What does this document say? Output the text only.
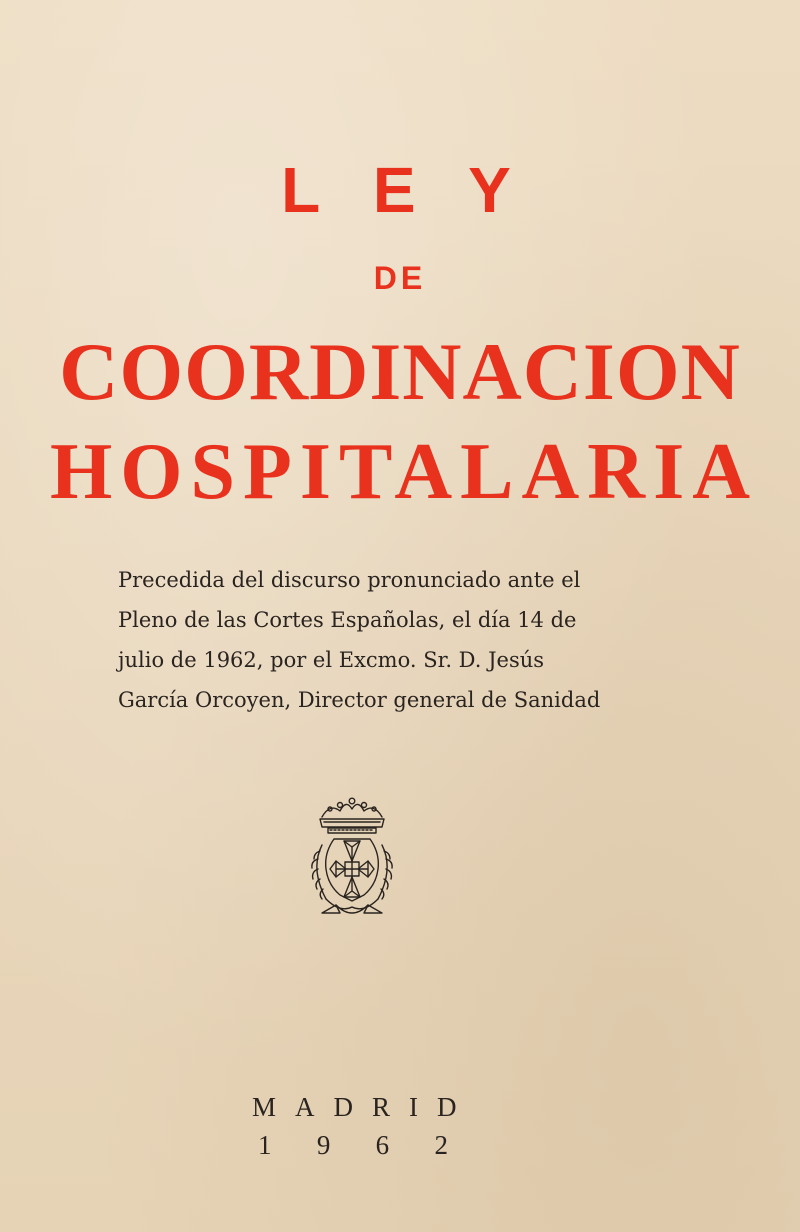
L E Y
DE
COORDINACION
HOSPITALARIA

Precedida del discurso pronunciado ante el
Pleno de las Cortes Españolas, el día 14 de
julio de 1962, por el Excmo. Sr. D. Jesús
García Orcoyen, Director general de Sanidad

MADRID

1 9 6 2
